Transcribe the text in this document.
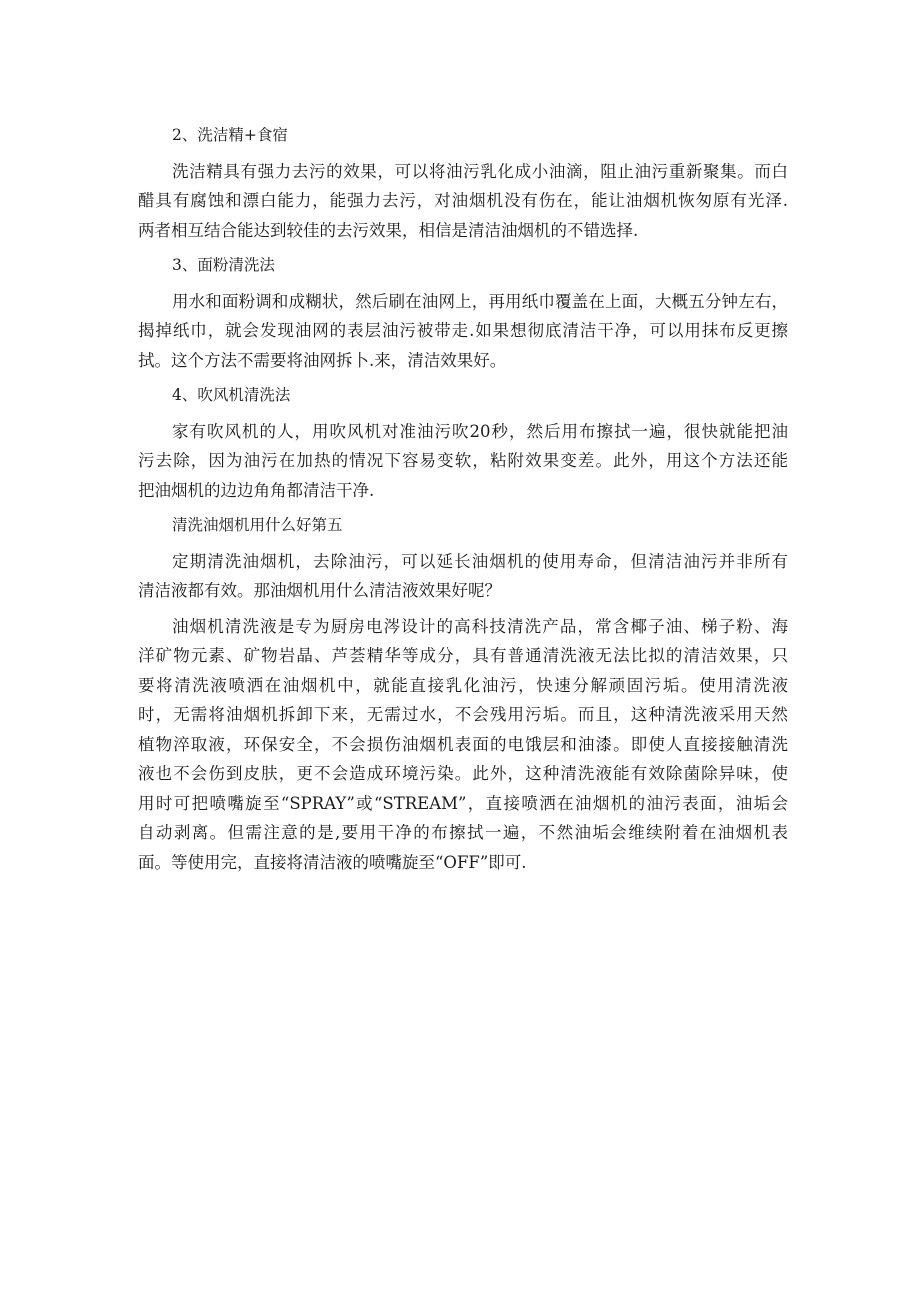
2、洗洁精+食宿
洗洁精具有强力去污的效果，可以将油污乳化成小油滴，阻止油污重新聚集。而白
醋具有腐蚀和漂白能力，能强力去污，对油烟机没有伤在，能让油烟机恢匆原有光泽.
两者相互结合能达到较佳的去污效果，相信是清洁油烟机的不错选择.
3、面粉清洗法
用水和面粉调和成糊状，然后刷在油网上，再用纸巾覆盖在上面，大概五分钟左右，
揭掉纸巾，就会发现油网的表层油污被带走.如果想彻底清洁干净，可以用抹布反更擦
拭。这个方法不需要将油网拆卜.来，清洁效果好。
4、吹风机清洗法
家有吹风机的人，用吹风机对准油污吹20秒，然后用布擦拭一遍，很快就能把油
污去除，因为油污在加热的情况下容易变软，粘附效果变差。此外，用这个方法还能
把油烟机的边边角角都清洁干净.
清洗油烟机用什么好第五
定期清洗油烟机，去除油污，可以延长油烟机的使用寿命，但清洁油污并非所有
清洁液都有效。那油烟机用什么清洁液效果好呢？
油烟机清洗液是专为厨房电涔设计的高科技清洗产品，常含椰子油、梯子粉、海
洋矿物元素、矿物岩晶、芦荟精华等成分，具有普通清洗液无法比拟的清洁效果，只
要将清洗液喷洒在油烟机中，就能直接乳化油污，快速分解顽固污垢。使用清洗液
时，无需将油烟机拆卸下来，无需过水，不会残用污垢。而且，这种清洗液采用天然
植物淬取液，环保安全，不会损伤油烟机表面的电饿层和油漆。即使人直接接触清洗
液也不会伤到皮肤，更不会造成环境污染。此外，这种清洗液能有效除菌除异味，使
用时可把喷嘴旋至“SPRAY”或“STREAM”，直接喷洒在油烟机的油污表面，油垢会
自动剥离。但需注意的是,要用干净的布擦拭一遍，不然油垢会维续附着在油烟机表
面。等使用完，直接将清洁液的喷嘴旋至“OFF”即可.
